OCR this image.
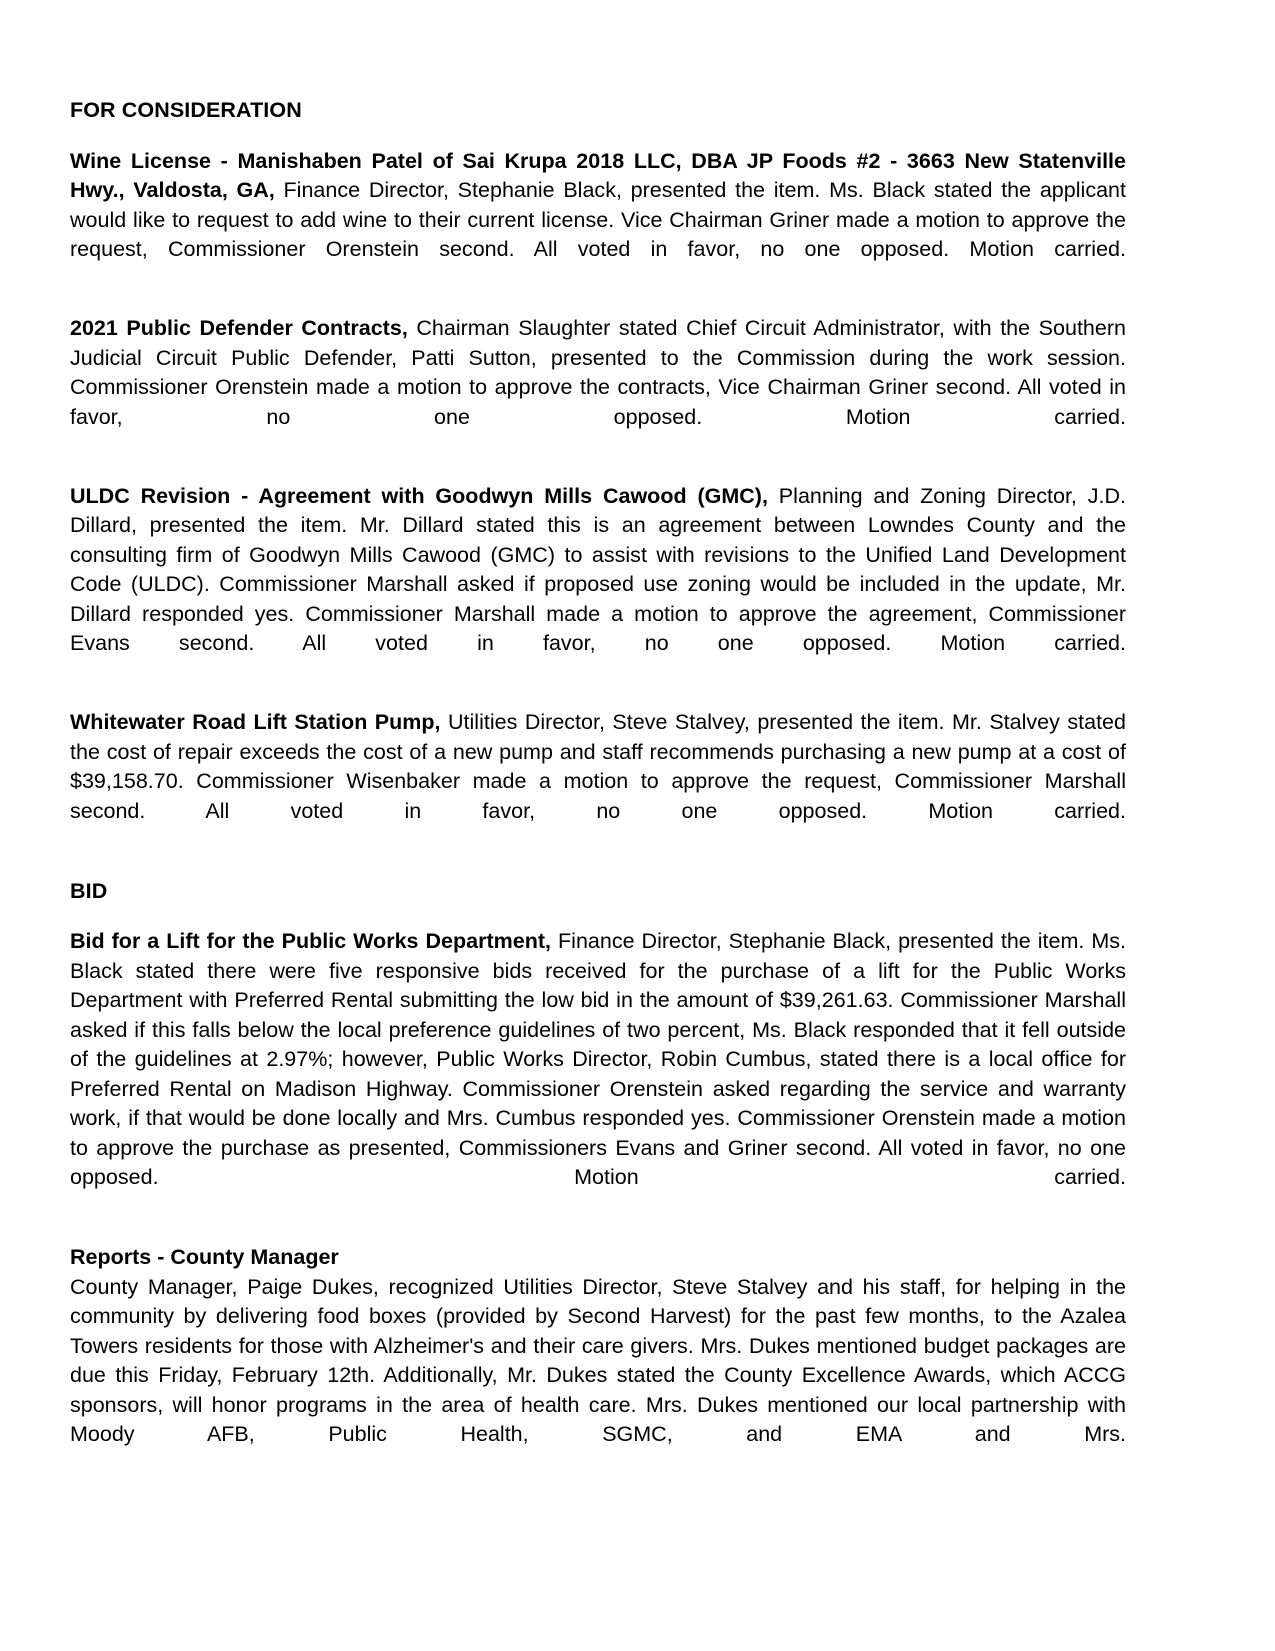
FOR CONSIDERATION

Wine License - Manishaben Patel of Sai Krupa 2018 LLC, DBA JP Foods #2 - 3663 New Statenville Hwy., Valdosta, GA, Finance Director, Stephanie Black, presented the item. Ms. Black stated the applicant would like to request to add wine to their current license. Vice Chairman Griner made a motion to approve the request, Commissioner Orenstein second. All voted in favor, no one opposed. Motion carried.

2021 Public Defender Contracts, Chairman Slaughter stated Chief Circuit Administrator, with the Southern Judicial Circuit Public Defender, Patti Sutton, presented to the Commission during the work session. Commissioner Orenstein made a motion to approve the contracts, Vice Chairman Griner second. All voted in favor, no one opposed. Motion carried.

ULDC Revision - Agreement with Goodwyn Mills Cawood (GMC), Planning and Zoning Director, J.D. Dillard, presented the item. Mr. Dillard stated this is an agreement between Lowndes County and the consulting firm of Goodwyn Mills Cawood (GMC) to assist with revisions to the Unified Land Development Code (ULDC). Commissioner Marshall asked if proposed use zoning would be included in the update, Mr. Dillard responded yes. Commissioner Marshall made a motion to approve the agreement, Commissioner Evans second. All voted in favor, no one opposed. Motion carried.

Whitewater Road Lift Station Pump, Utilities Director, Steve Stalvey, presented the item. Mr. Stalvey stated the cost of repair exceeds the cost of a new pump and staff recommends purchasing a new pump at a cost of $39,158.70. Commissioner Wisenbaker made a motion to approve the request, Commissioner Marshall second. All voted in favor, no one opposed. Motion carried.

BID

Bid for a Lift for the Public Works Department, Finance Director, Stephanie Black, presented the item. Ms. Black stated there were five responsive bids received for the purchase of a lift for the Public Works Department with Preferred Rental submitting the low bid in the amount of $39,261.63. Commissioner Marshall asked if this falls below the local preference guidelines of two percent, Ms. Black responded that it fell outside of the guidelines at 2.97%; however, Public Works Director, Robin Cumbus, stated there is a local office for Preferred Rental on Madison Highway. Commissioner Orenstein asked regarding the service and warranty work, if that would be done locally and Mrs. Cumbus responded yes. Commissioner Orenstein made a motion to approve the purchase as presented, Commissioners Evans and Griner second. All voted in favor, no one opposed. Motion carried.

Reports - County Manager

County Manager, Paige Dukes, recognized Utilities Director, Steve Stalvey and his staff, for helping in the community by delivering food boxes (provided by Second Harvest) for the past few months, to the Azalea Towers residents for those with Alzheimer's and their care givers. Mrs. Dukes mentioned budget packages are due this Friday, February 12th. Additionally, Mr. Dukes stated the County Excellence Awards, which ACCG sponsors, will honor programs in the area of health care. Mrs. Dukes mentioned our local partnership with Moody AFB, Public Health, SGMC, and EMA and Mrs.
